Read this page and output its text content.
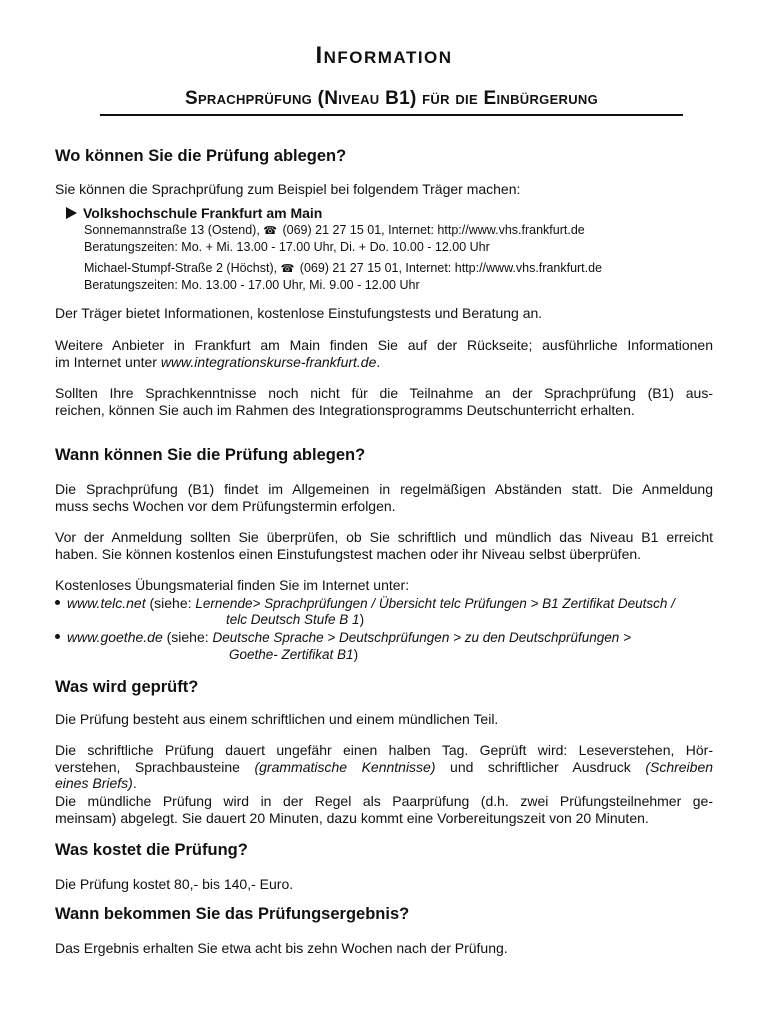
Information
Sprachprüfung (Niveau B1) für die Einbürgerung
Wo können Sie die Prüfung ablegen?
Sie können die Sprachprüfung zum Beispiel bei folgendem Träger machen:
Volkshochschule Frankfurt am Main
Sonnemannstraße 13 (Ostend), ☎ (069) 21 27 15 01, Internet: http://www.vhs.frankfurt.de
Beratungszeiten: Mo. + Mi. 13.00 - 17.00 Uhr, Di. + Do. 10.00 - 12.00 Uhr
Michael-Stumpf-Straße 2 (Höchst), ☎ (069) 21 27 15 01, Internet: http://www.vhs.frankfurt.de
Beratungszeiten: Mo. 13.00 - 17.00 Uhr, Mi. 9.00 - 12.00 Uhr
Der Träger bietet Informationen, kostenlose Einstufungstests und Beratung an.
Weitere Anbieter in Frankfurt am Main finden Sie auf der Rückseite; ausführliche Informationen
im Internet unter www.integrationskurse-frankfurt.de.
Sollten Ihre Sprachkenntnisse noch nicht für die Teilnahme an der Sprachprüfung (B1) aus-
reichen, können Sie auch im Rahmen des Integrationsprogramms Deutschunterricht erhalten.
Wann können Sie die Prüfung ablegen?
Die Sprachprüfung (B1) findet im Allgemeinen in regelmäßigen Abständen statt. Die Anmeldung
muss sechs Wochen vor dem Prüfungstermin erfolgen.
Vor der Anmeldung sollten Sie überprüfen, ob Sie schriftlich und mündlich das Niveau B1 erreicht
haben. Sie können kostenlos einen Einstufungstest machen oder ihr Niveau selbst überprüfen.
Kostenloses Übungsmaterial finden Sie im Internet unter:
www.telc.net (siehe: Lernende> Sprachprüfungen / Übersicht telc Prüfungen > B1 Zertifikat Deutsch /
telc Deutsch Stufe B 1)
www.goethe.de (siehe: Deutsche Sprache > Deutschprüfungen > zu den Deutschprüfungen >
Goethe- Zertifikat B1)
Was wird geprüft?
Die Prüfung besteht aus einem schriftlichen und einem mündlichen Teil.
Die schriftliche Prüfung dauert ungefähr einen halben Tag. Geprüft wird: Leseverstehen, Hör-
verstehen, Sprachbausteine (grammatische Kenntnisse) und schriftlicher Ausdruck (Schreiben
eines Briefs).
Die mündliche Prüfung wird in der Regel als Paarprüfung (d.h. zwei Prüfungsteilnehmer ge-
meinsam) abgelegt. Sie dauert 20 Minuten, dazu kommt eine Vorbereitungszeit von 20 Minuten.
Was kostet die Prüfung?
Die Prüfung kostet 80,- bis 140,- Euro.
Wann bekommen Sie das Prüfungsergebnis?
Das Ergebnis erhalten Sie etwa acht bis zehn Wochen nach der Prüfung.
